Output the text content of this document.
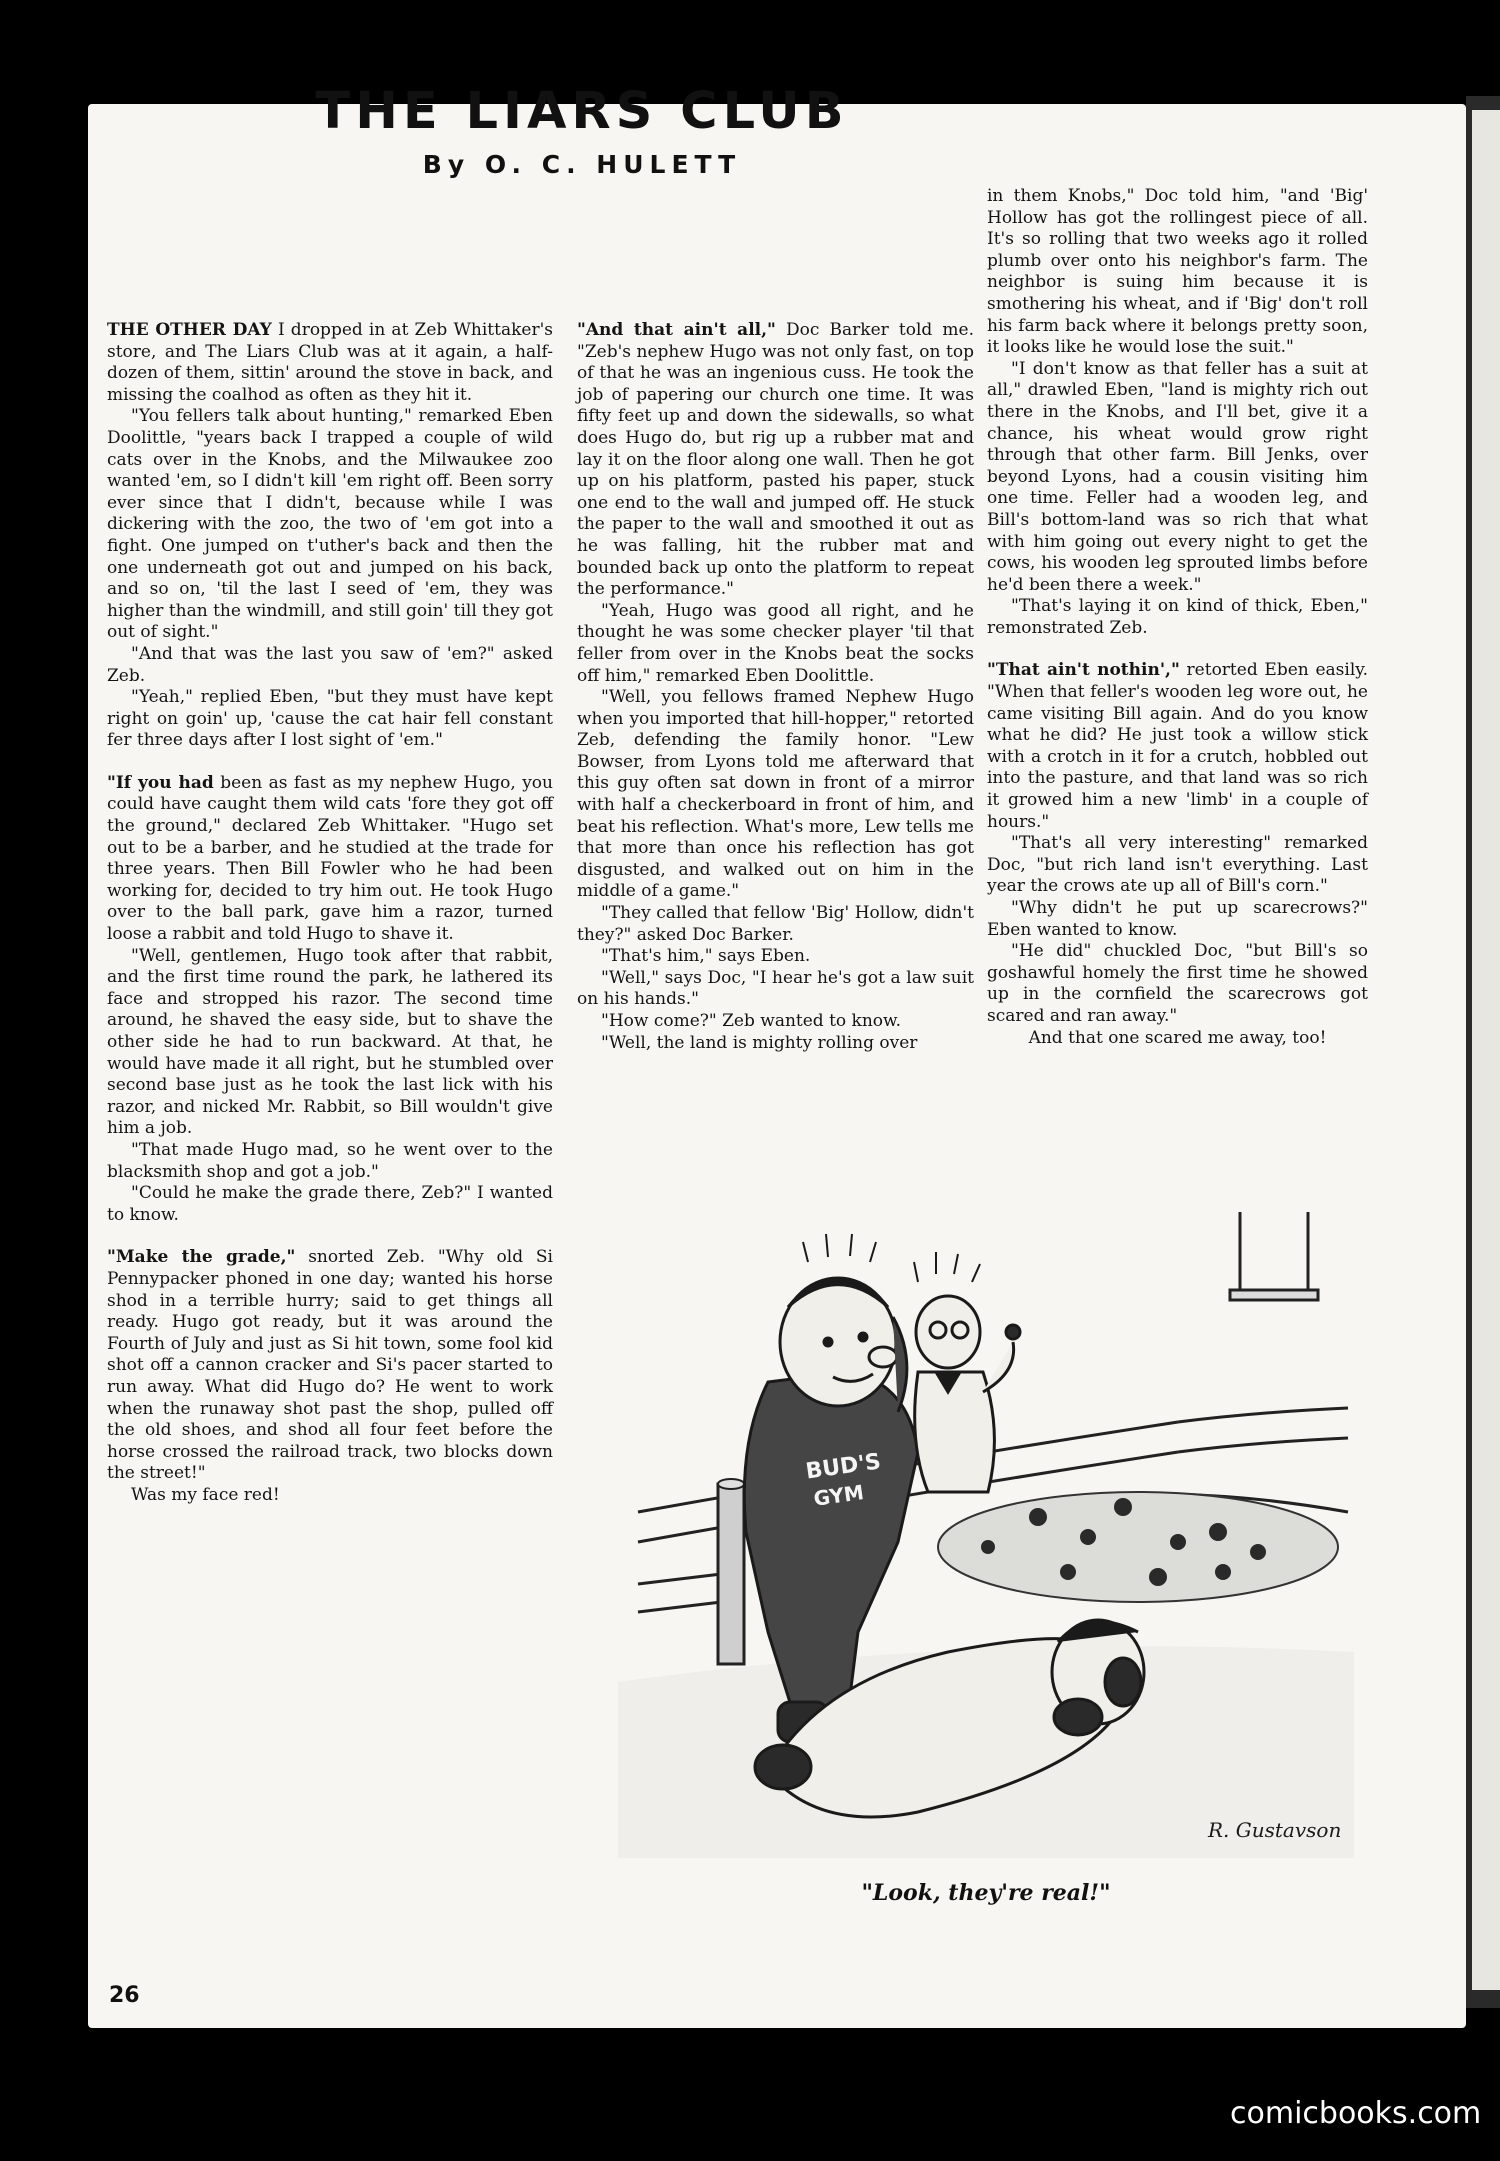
THE LIARS CLUB
By O. C. HULETT

THE OTHER DAY I dropped in at Zeb Whittaker's store, and The Liars Club was at it again, a half-dozen of them, sittin' around the stove in back, and missing the coalhod as often as they hit it.

"You fellers talk about hunting," remarked Eben Doolittle, "years back I trapped a couple of wild cats over in the Knobs, and the Milwaukee zoo wanted 'em, so I didn't kill 'em right off. Been sorry ever since that I didn't, because while I was dickering with the zoo, the two of 'em got into a fight. One jumped on t'uther's back and then the one underneath got out and jumped on his back, and so on, 'til the last I seed of 'em, they was higher than the windmill, and still goin' till they got out of sight."

"And that was the last you saw of 'em?" asked Zeb.

"Yeah," replied Eben, "but they must have kept right on goin' up, 'cause the cat hair fell constant fer three days after I lost sight of 'em."

"If you had been as fast as my nephew Hugo, you could have caught them wild cats 'fore they got off the ground," declared Zeb Whittaker. "Hugo set out to be a barber, and he studied at the trade for three years. Then Bill Fowler who he had been working for, decided to try him out. He took Hugo over to the ball park, gave him a razor, turned loose a rabbit and told Hugo to shave it.

"Well, gentlemen, Hugo took after that rabbit, and the first time round the park, he lathered its face and stropped his razor. The second time around, he shaved the easy side, but to shave the other side he had to run backward. At that, he would have made it all right, but he stumbled over second base just as he took the last lick with his razor, and nicked Mr. Rabbit, so Bill wouldn't give him a job.

"That made Hugo mad, so he went over to the blacksmith shop and got a job."

"Could he make the grade there, Zeb?" I wanted to know.

"Make the grade," snorted Zeb. "Why old Si Pennypacker phoned in one day; wanted his horse shod in a terrible hurry; said to get things all ready. Hugo got ready, but it was around the Fourth of July and just as Si hit town, some fool kid shot off a cannon cracker and Si's pacer started to run away. What did Hugo do? He went to work when the runaway shot past the shop, pulled off the old shoes, and shod all four feet before the horse crossed the railroad track, two blocks down the street!"

Was my face red!

"And that ain't all," Doc Barker told me. "Zeb's nephew Hugo was not only fast, on top of that he was an ingenious cuss. He took the job of papering our church one time. It was fifty feet up and down the sidewalls, so what does Hugo do, but rig up a rubber mat and lay it on the floor along one wall. Then he got up on his platform, pasted his paper, stuck one end to the wall and jumped off. He stuck the paper to the wall and smoothed it out as he was falling, hit the rubber mat and bounded back up onto the platform to repeat the performance."

"Yeah, Hugo was good all right, and he thought he was some checker player 'til that feller from over in the Knobs beat the socks off him," remarked Eben Doolittle.

"Well, you fellows framed Nephew Hugo when you imported that hill-hopper," retorted Zeb, defending the family honor. "Lew Bowser, from Lyons told me afterward that this guy often sat down in front of a mirror with half a checkerboard in front of him, and beat his reflection. What's more, Lew tells me that more than once his reflection has got disgusted, and walked out on him in the middle of a game."

"They called that fellow 'Big' Hollow, didn't they?" asked Doc Barker.

"That's him," says Eben.

"Well," says Doc, "I hear he's got a law suit on his hands."

"How come?" Zeb wanted to know.

"Well, the land is mighty rolling over

in them Knobs," Doc told him, "and 'Big' Hollow has got the rollingest piece of all. It's so rolling that two weeks ago it rolled plumb over onto his neighbor's farm. The neighbor is suing him because it is smothering his wheat, and if 'Big' don't roll his farm back where it belongs pretty soon, it looks like he would lose the suit."

"I don't know as that feller has a suit at all," drawled Eben, "land is mighty rich out there in the Knobs, and I'll bet, give it a chance, his wheat would grow right through that other farm. Bill Jenks, over beyond Lyons, had a cousin visiting him one time. Feller had a wooden leg, and Bill's bottom-land was so rich that what with him going out every night to get the cows, his wooden leg sprouted limbs before he'd been there a week."

"That's laying it on kind of thick, Eben," remonstrated Zeb.

"That ain't nothin'," retorted Eben easily. "When that feller's wooden leg wore out, he came visiting Bill again. And do you know what he did? He just took a willow stick with a crotch in it for a crutch, hobbled out into the pasture, and that land was so rich it growed him a new 'limb' in a couple of hours."

"That's all very interesting" remarked Doc, "but rich land isn't everything. Last year the crows ate up all of Bill's corn."

"Why didn't he put up scarecrows?" Eben wanted to know.

"He did" chuckled Doc, "but Bill's so goshawful homely the first time he showed up in the cornfield the scarecrows got scared and ran away."

And that one scared me away, too!

BUD'S
GYM
R. Gustavson
"Look, they're real!"
26
comicbooks.com
